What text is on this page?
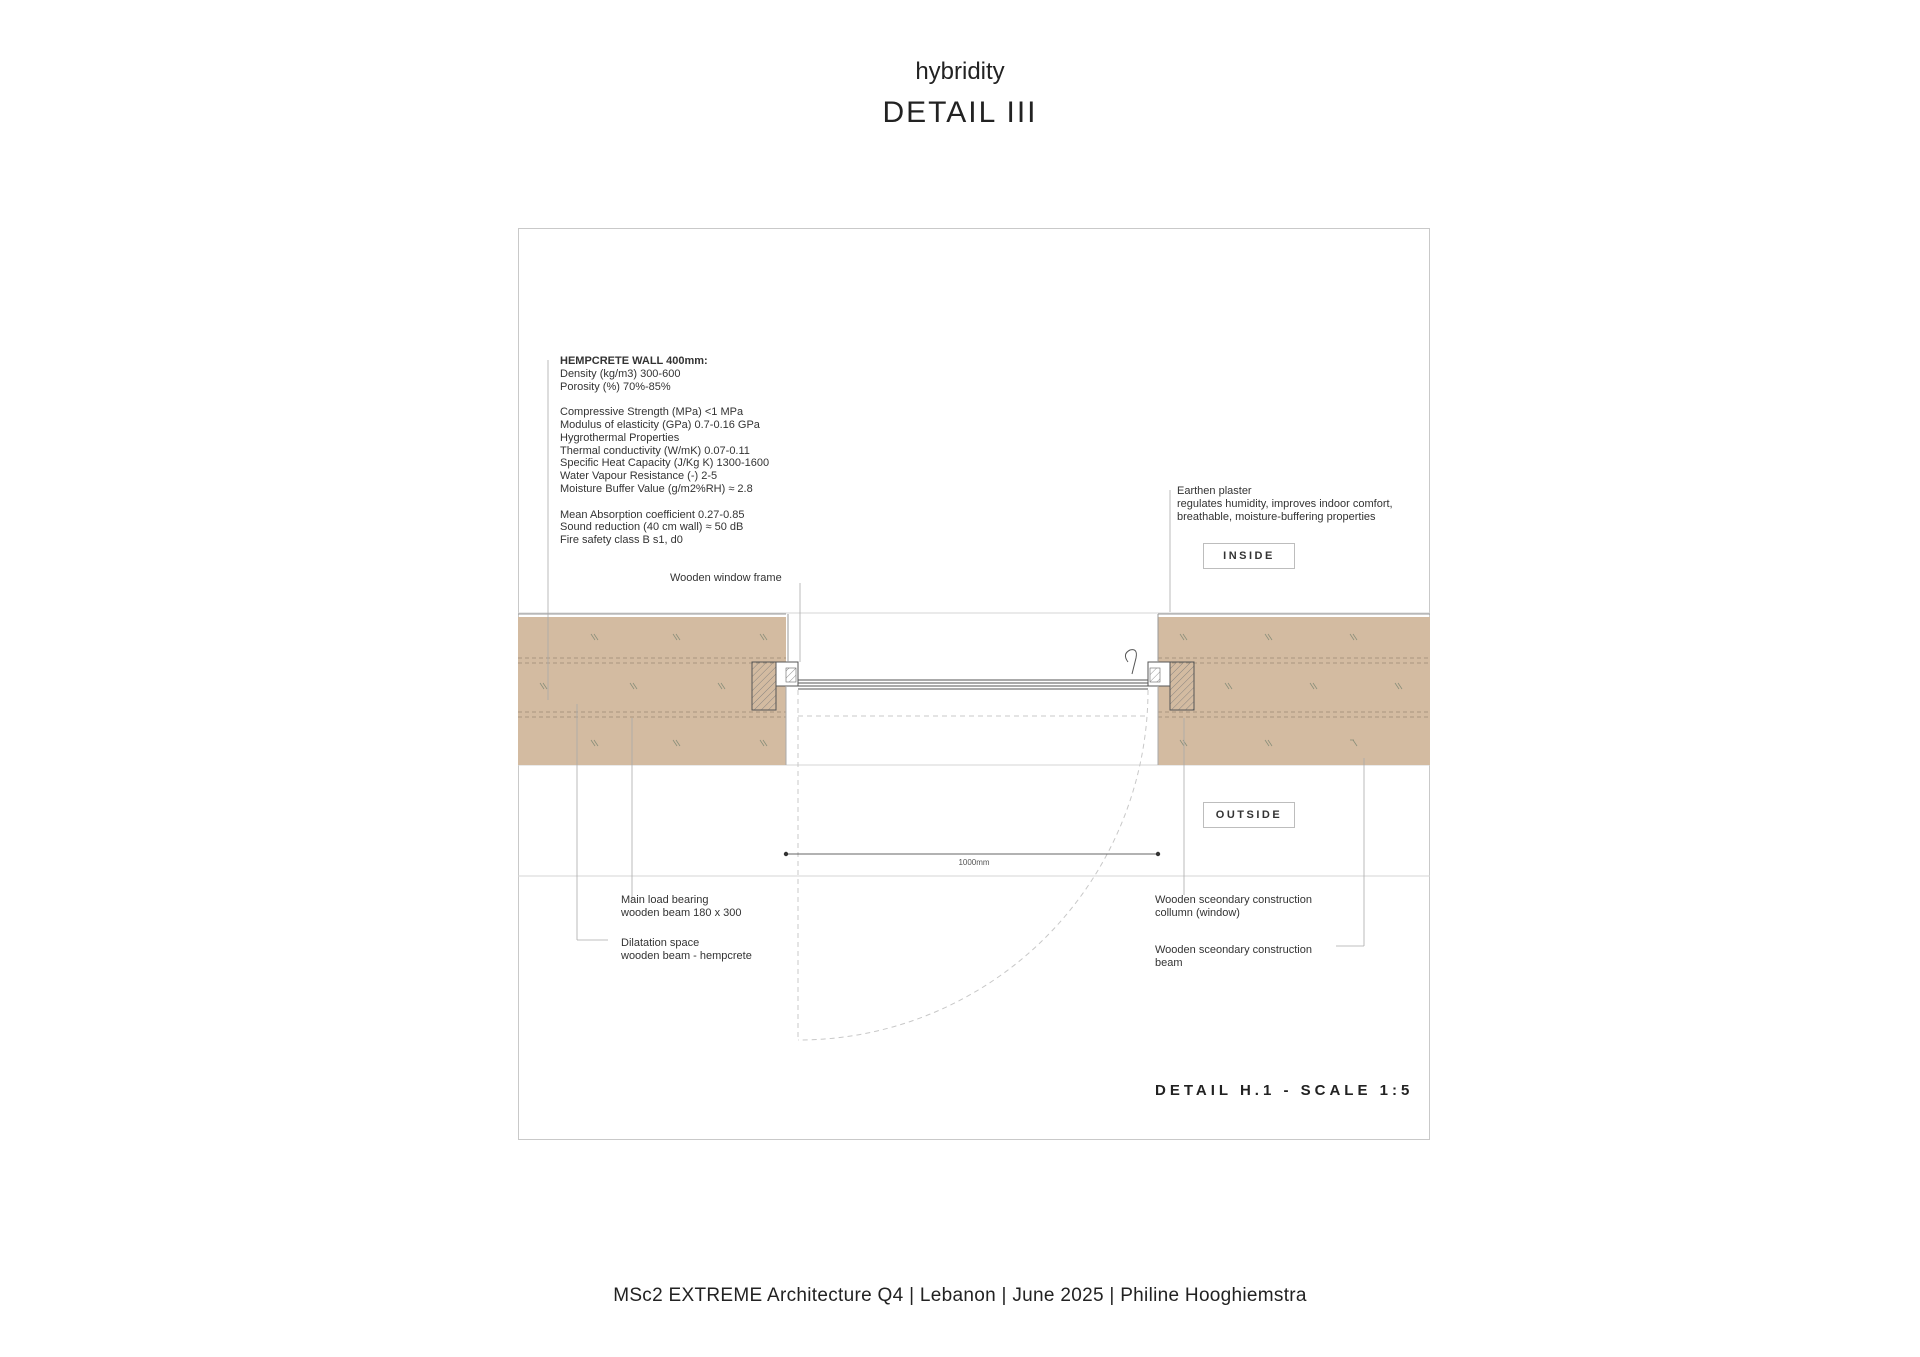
hybridity
DETAIL III
HEMPCRETE WALL 400mm:
Density (kg/m3) 300-600
Porosity (%) 70%-85%
Compressive Strength (MPa) <1 MPa
Modulus of elasticity (GPa) 0.7-0.16 GPa
Hygrothermal Properties
Thermal conductivity (W/mK) 0.07-0.11
Specific Heat Capacity (J/Kg K) 1300-1600
Water Vapour Resistance (-) 2-5
Moisture Buffer Value (g/m2%RH) ≈ 2.8
Mean Absorption coefficient 0.27-0.85
Sound reduction (40 cm wall) ≈ 50 dB
Fire safety class B s1, d0
Wooden window frame
Earthen plaster
regulates humidity, improves indoor comfort,
breathable, moisture-buffering properties
INSIDE
OUTSIDE
1000mm
Main load bearing
wooden beam 180 x 300
Dilatation space
wooden beam - hempcrete
Wooden sceondary construction
collumn (window)
Wooden sceondary construction
beam
DETAIL H.1 - SCALE 1:5
MSc2 EXTREME Architecture Q4 | Lebanon | June 2025 | Philine Hooghiemstra
